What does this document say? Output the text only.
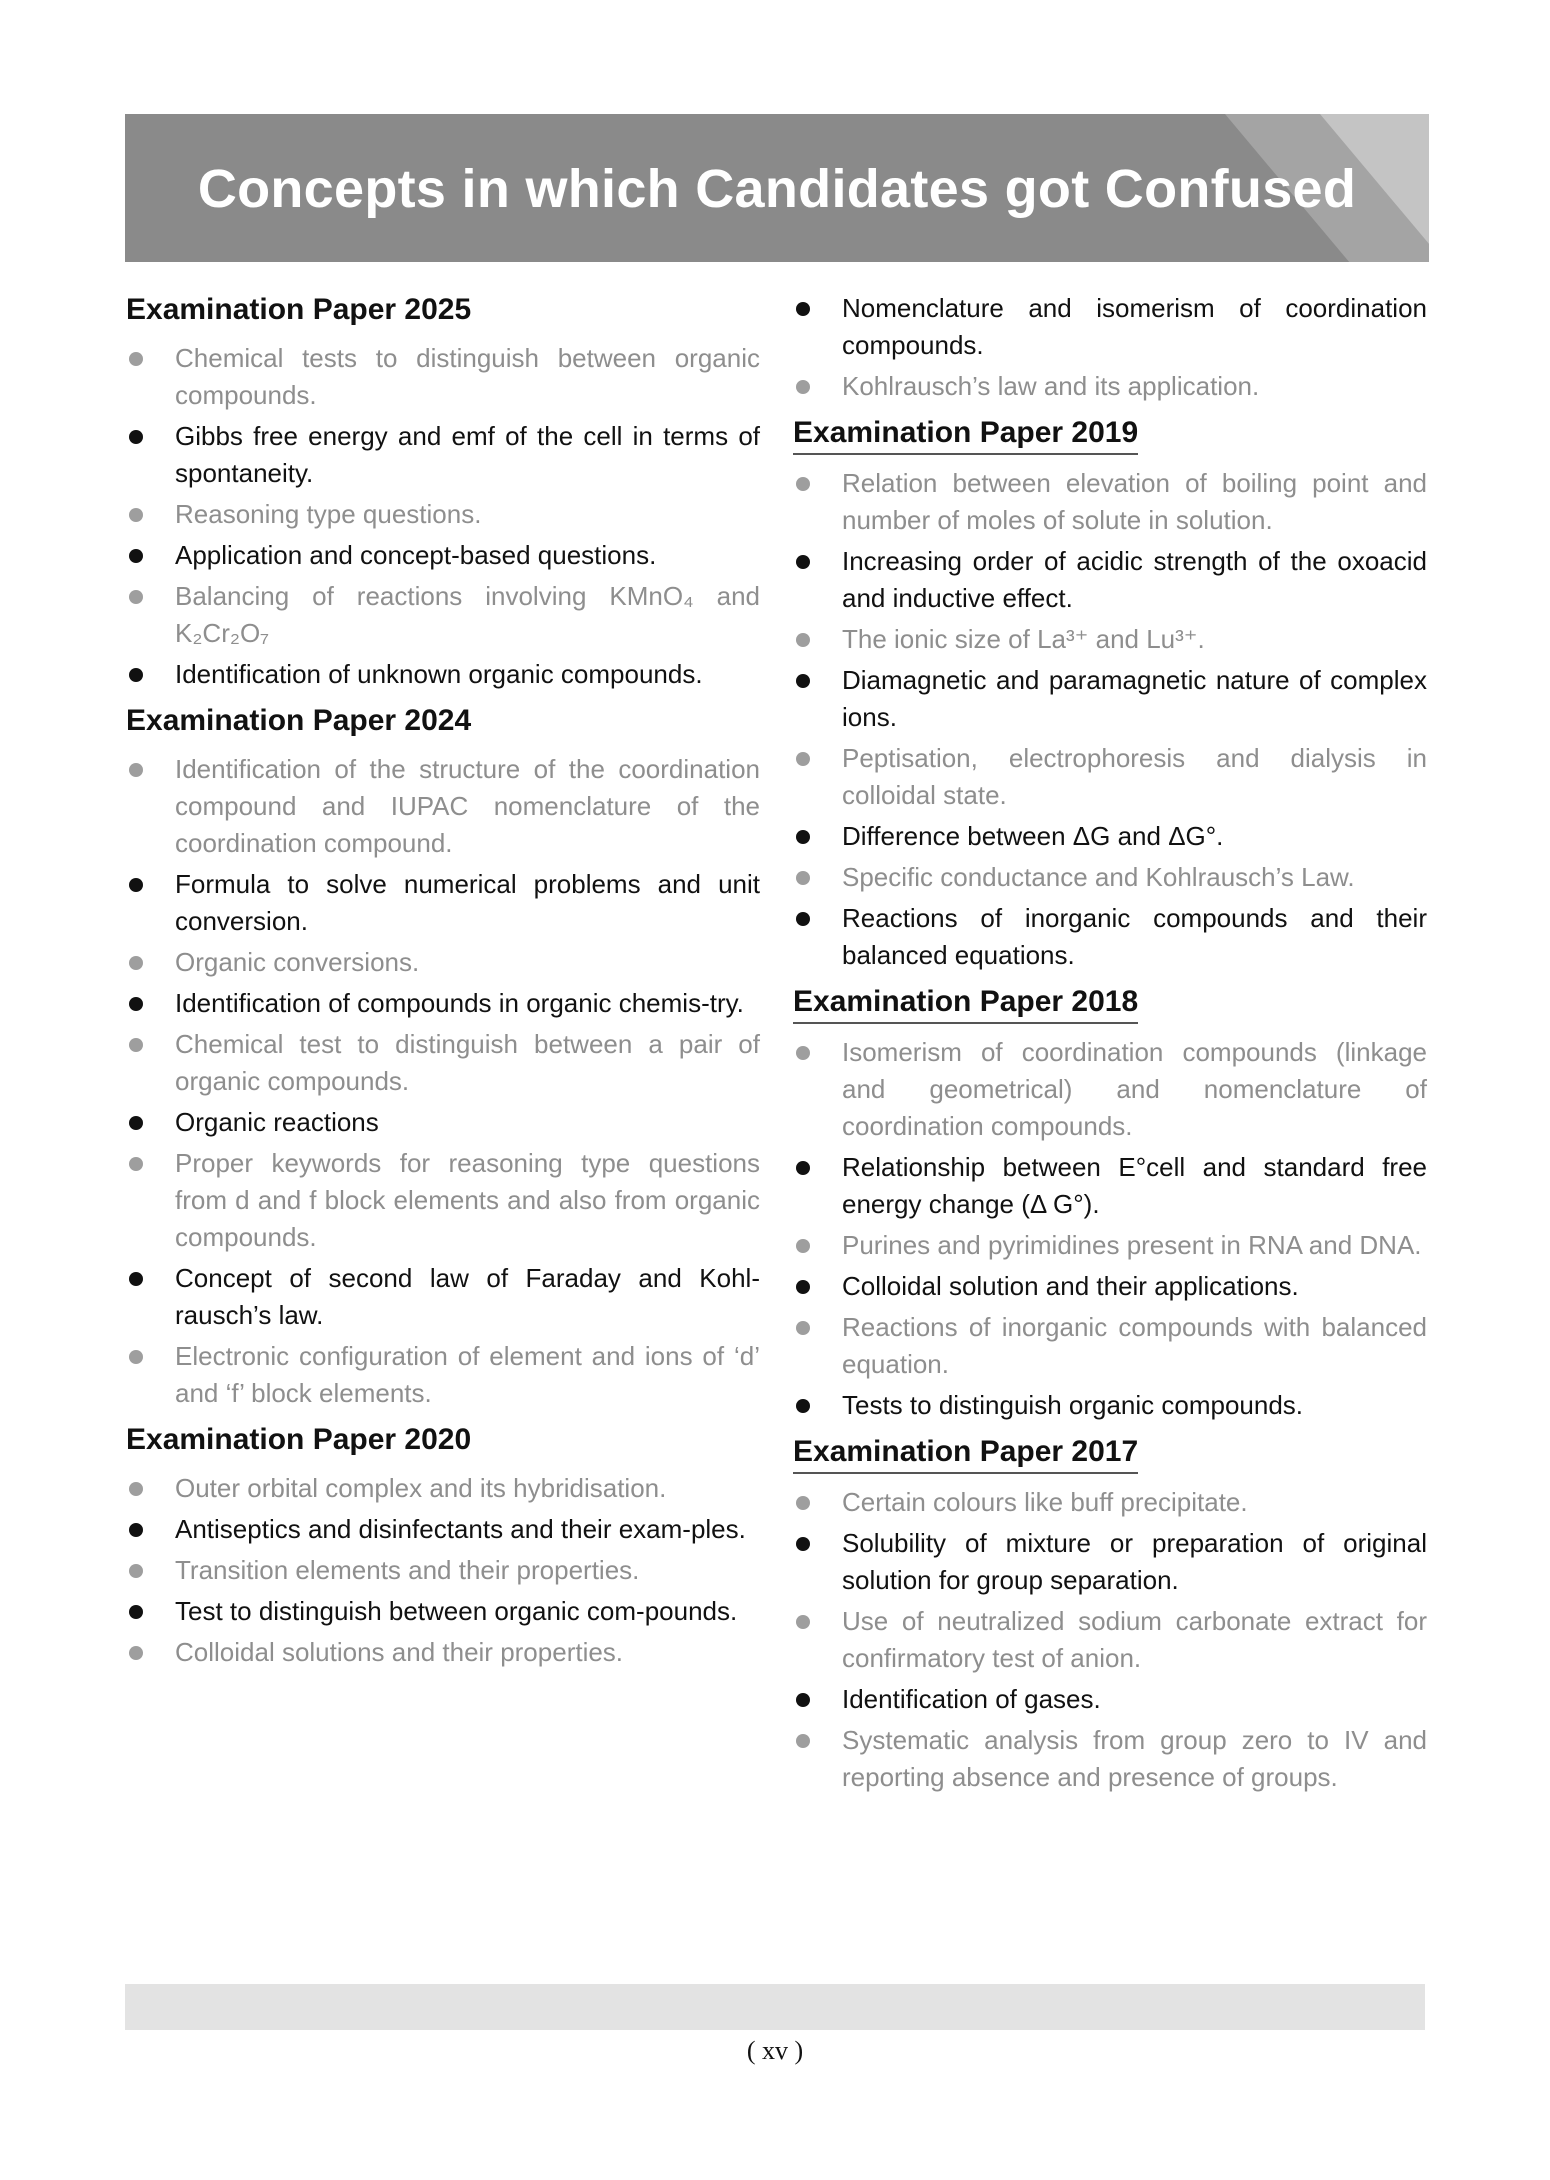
Concepts in which Candidates got Confused
Examination Paper 2025
Chemical tests to distinguish between organic compounds.
Gibbs free energy and emf of the cell in terms of spontaneity.
Reasoning type questions.
Application and concept-based questions.
Balancing of reactions involving KMnO₄ and K₂Cr₂O₇
Identification of unknown organic compounds.
Examination Paper 2024
Identification of the structure of the coordination compound and IUPAC nomenclature of the coordination compound.
Formula to solve numerical problems and unit conversion.
Organic conversions.
Identification of compounds in organic chemis-try.
Chemical test to distinguish between a pair of organic compounds.
Organic reactions
Proper keywords for reasoning type questions from d and f block elements and also from organic compounds.
Concept of second law of Faraday and Kohl-rausch’s law.
Electronic configuration of element and ions of ‘d’ and ‘f’ block elements.
Examination Paper 2020
Outer orbital complex and its hybridisation.
Antiseptics and disinfectants and their exam-ples.
Transition elements and their properties.
Test to distinguish between organic com-pounds.
Colloidal solutions and their properties.
Nomenclature and isomerism of coordination compounds.
Kohlrausch’s law and its application.
Examination Paper 2019
Relation between elevation of boiling point and number of moles of solute in solution.
Increasing order of acidic strength of the oxoacid and inductive effect.
The ionic size of La³⁺ and Lu³⁺.
Diamagnetic and paramagnetic nature of complex ions.
Peptisation, electrophoresis and dialysis in colloidal state.
Difference between ΔG and ΔG°.
Specific conductance and Kohlrausch’s Law.
Reactions of inorganic compounds and their balanced equations.
Examination Paper 2018
Isomerism of coordination compounds (linkage and geometrical) and nomenclature of coordination compounds.
Relationship between E°cell and standard free energy change (Δ G°).
Purines and pyrimidines present in RNA and DNA.
Colloidal solution and their applications.
Reactions of inorganic compounds with balanced equation.
Tests to distinguish organic compounds.
Examination Paper 2017
Certain colours like buff precipitate.
Solubility of mixture or preparation of original solution for group separation.
Use of neutralized sodium carbonate extract for confirmatory test of anion.
Identification of gases.
Systematic analysis from group zero to IV and reporting absence and presence of groups.
( xv )
